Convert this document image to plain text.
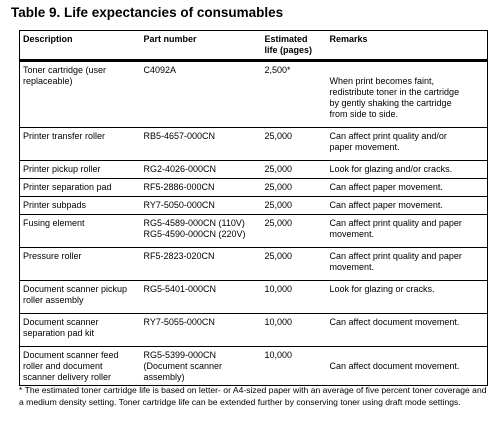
Table 9. Life expectancies of consumables
Description	Part number	Estimated
life (pages)	Remarks

Toner cartridge (user
replaceable)	C4092A	2,500*	When print becomes faint,
redistribute toner in the cartridge
by gently shaking the cartridge
from side to side.

Printer transfer roller	RB5-4657-000CN	25,000	Can affect print quality and/or
paper movement.

Printer pickup roller	RG2-4026-000CN	25,000	Look for glazing and/or cracks.

Printer separation pad	RF5-2886-000CN	25,000	Can affect paper movement.

Printer subpads	RY7-5050-000CN	25,000	Can affect paper movement.

Fusing element	RG5-4589-000CN (110V)
RG5-4590-000CN (220V)	25,000	Can affect print quality and paper
movement.

Pressure roller	RF5-2823-020CN	25,000	Can affect print quality and paper
movement.

Document scanner pickup
roller assembly	RG5-5401-000CN	10,000	Look for glazing or cracks.

Document scanner
separation pad kit	RY7-5055-000CN	10,000	Can affect document movement.

Document scanner feed
roller and document
scanner delivery roller	RG5-5399-000CN
(Document scanner
assembly)	10,000	Can affect document movement.
* The estimated toner cartridge life is based on letter- or A4-sized paper with an average of five percent toner coverage and a medium density setting. Toner cartridge life can be extended further by conserving toner using draft mode settings.
